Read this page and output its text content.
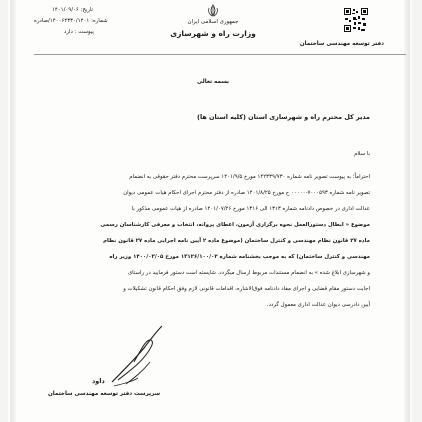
جمهوری اسلامی ایران
وزارت راه و شهرسازی
تاریخ: ۱۴۰۱/۰۹/۰۶
شماره: ۱۴۰۰۶۴۳۳۰/۱۴۰۱/صادره
پیوست : دارد
دفتر توسعه مهندسی ساختمان
بسمه تعالی
مدیر کل محترم راه و شهرسازی استان (کلیه استان ها)
با سلام
احتراماً؛ به پیوست تصویر نامه شماره ۱۴۲۳۳۹/۷۳۰ مورخ ۱۴۰۱/۹/۵ سرپرست محترم دفتر حقوقی به انضمام
تصویر نامه شماره ۷۰۰۰۵۹۳-۰۰۰۰۰ ح مورخ ۱۴۰۱/۸/۲۵ صادره از دفتر محترم اجرای احکام هیات عمومی دیوان
عدالت اداری در خصوص دادنامه شماره ۱۳۱۳ الی ۱۳۱۶ مورخ ۱۴۰۱/۰۷/۲۶ صادره از هیات عمومی مذکور با
موضوع « ابطال دستورالعمل نحوه برگزاری آزمون، اعطای پروانه، انتخاب و معرفی کارشناسان رسمی
ماده ۲۷ قانون نظام مهندسی و کنترل ساختمان (موضوع ماده ۲ آیین نامه اجرایی ماده ۲۷ قانون نظام
مهندسی و کنترل ساختمان) که به موجب بخشنامه شماره ۱۳۱۲۶/۱۰۰/۰۲ مورخ ۱۴۰۰/۰۳/۰۵ وزیر راه
و شهرسازی ابلاغ شده » به انضمام مستندات مربوط ارسال میگردد. شایسته است دستور فرمایید در راستای
اجابت دستور مقام قضایی و اجرای مفاد دادنامه فوق‌الاشاره، اقدامات قانونی لازم وفق احکام قانون تشکیلات و
آیین دادرسی دیوان عدالت اداری معمول گردد.
داود
سرپرست دفتر توسعه مهندسی ساختمان
